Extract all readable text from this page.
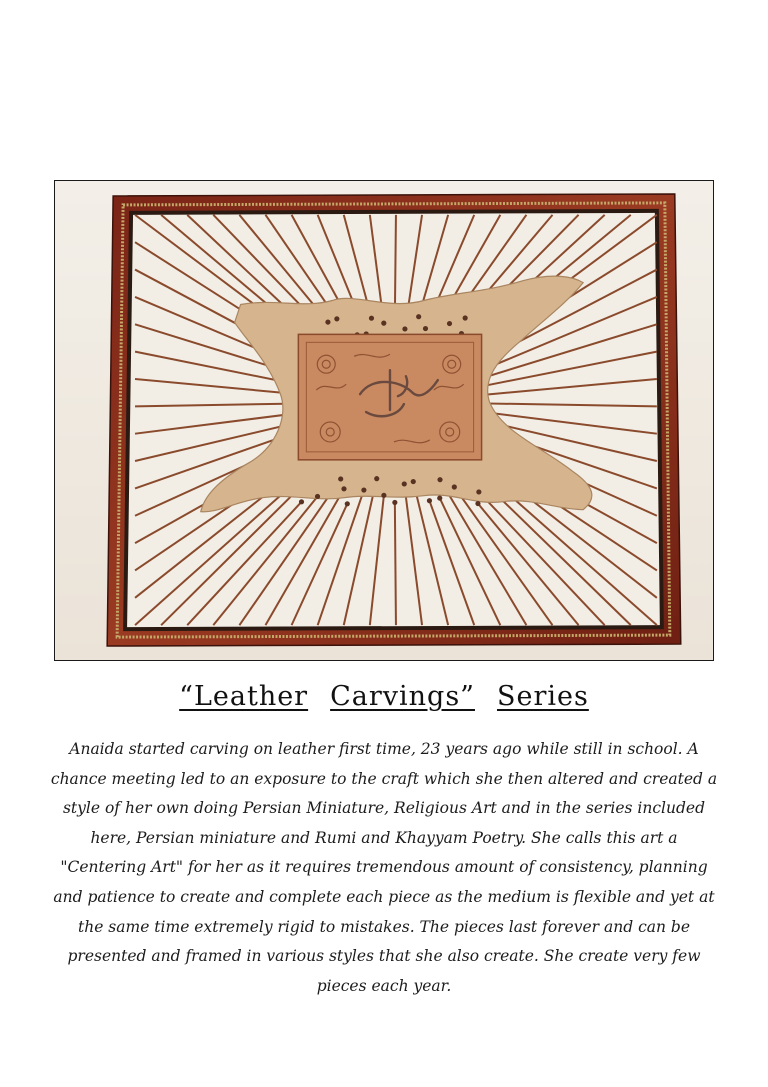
“Leather Carvings” Series

Anaida started carving on leather first time, 23 years ago while still in school. A chance meeting led to an exposure to the craft which she then altered and created a style of her own doing Persian Miniature, Religious Art and in the series included here, Persian miniature and Rumi and Khayyam Poetry. She calls this art a "Centering Art" for her as it requires tremendous amount of consistency, planning and patience to create and complete each piece as the medium is flexible and yet at the same time extremely rigid to mistakes. The pieces last forever and can be presented and framed in various styles that she also create. She create very few pieces each year.
